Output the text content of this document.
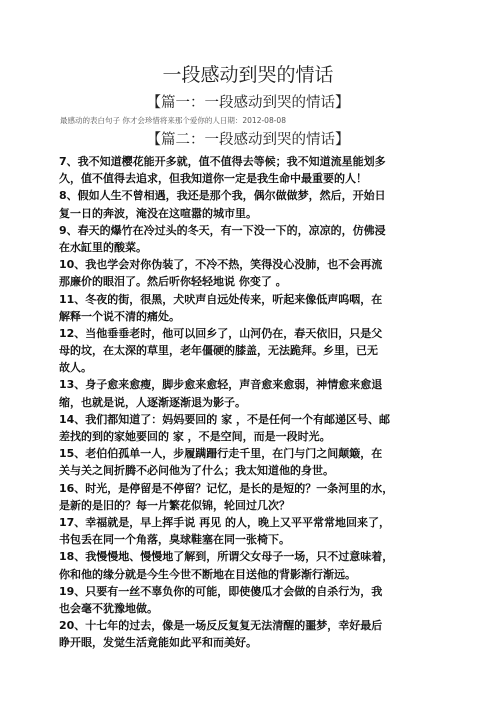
一段感动到哭的情话
【篇一：一段感动到哭的情话】
最感动的表白句子 你才会珍惜将来那个爱你的人日期：2012-08-08
【篇二：一段感动到哭的情话】
7、我不知道樱花能开多就，值不值得去等候；我不知道流星能划多
久，值不值得去追求，但我知道你一定是我生命中最重要的人！
8、假如人生不曾相遇，我还是那个我，偶尔做做梦，然后，开始日
复一日的奔波，淹没在这喧嚣的城市里。
9、春天的爆竹在冷过头的冬天，有一下没一下的，凉凉的，仿佛浸
在水缸里的酸菜。
10、我也学会对你伪装了，不冷不热，笑得没心没肺，也不会再流
那廉价的眼泪了。然后听你轻轻地说 你变了 。
11、冬夜的街，很黑，犬吠声自远处传来，听起来像低声呜咽，在
解释一个说不清的痛处。
12、当他垂垂老时，他可以回乡了，山河仍在，春天依旧，只是父
母的坟，在太深的草里，老年僵硬的膝盖，无法跪拜。乡里，已无
故人。
13、身子愈来愈瘦，脚步愈来愈轻，声音愈来愈弱，神情愈来愈退
缩，也就是说，人逐渐逐渐退为影子。
14、我们都知道了：妈妈要回的 家 ，不是任何一个有邮递区号、邮
差找的到的家她要回的 家 ，不是空间，而是一段时光。
15、老伯伯孤单一人，步履蹒跚行走千里，在门与门之间颠簸，在
关与关之间折腾不必问他为了什么；我太知道他的身世。
16、时光，是停留是不停留？记忆，是长的是短的？一条河里的水，
是新的是旧的？每一片繁花似锦，轮回过几次？
17、幸福就是，早上挥手说 再见 的人，晚上又平平常常地回来了，
书包丢在同一个角落，臭球鞋塞在同一张椅下。
18、我慢慢地、慢慢地了解到，所谓父女母子一场，只不过意味着，
你和他的缘分就是今生今世不断地在目送他的背影渐行渐远。
19、只要有一丝不辜负你的可能，即使傻瓜才会做的自杀行为，我
也会毫不犹豫地做。
20、十七年的过去，像是一场反反复复无法清醒的噩梦，幸好最后
睁开眼，发觉生活竟能如此平和而美好。
